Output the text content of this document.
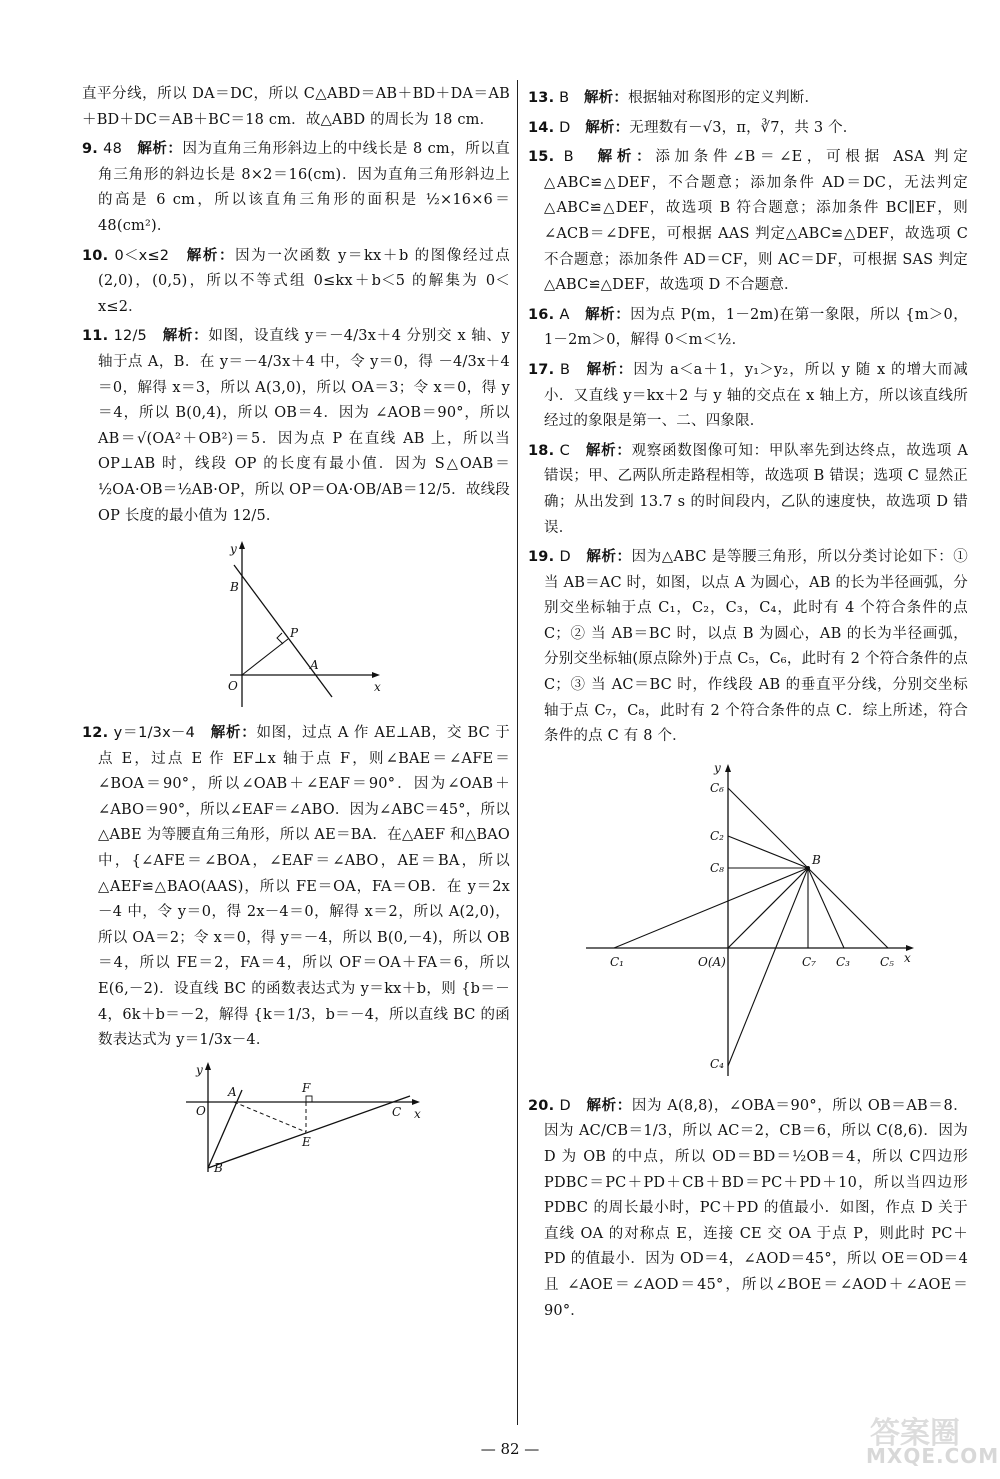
直平分线，所以 DA＝DC，所以 C△ABD＝AB＋BD＋DA＝AB＋BD＋DC＝AB＋BC＝18 cm．故△ABD 的周长为 18 cm．

9. 48　 解析：因为直角三角形斜边上的中线长是 8 cm，所以直角三角形的斜边长是 8×2＝16(cm)．因为直角三角形斜边上的高是 6 cm，所以该直角三角形的面积是 ½×16×6＝48(cm²)．

10. 0＜x≤2　 解析：因为一次函数 y＝kx＋b 的图像经过点(2,0)，(0,5)，所以不等式组 0≤kx＋b＜5 的解集为 0＜x≤2．

11. 12/5　 解析：如图，设直线 y＝－4/3x＋4 分别交 x 轴、y 轴于点 A，B．在 y＝－4/3x＋4 中，令 y＝0，得 －4/3x＋4＝0，解得 x＝3，所以 A(3,0)，所以 OA＝3；令 x＝0，得 y＝4，所以 B(0,4)，所以 OB＝4．因为 ∠AOB＝90°，所以 AB＝√(OA²＋OB²)＝5．因为点 P 在直线 AB 上，所以当 OP⊥AB 时，线段 OP 的长度有最小值．因为 S△OAB＝½OA·OB＝½AB·OP，所以 OP＝OA·OB/AB＝12/5．故线段 OP 长度的最小值为 12/5．

y
x
O
A
B
P

12. y＝1/3x－4　 解析：如图，过点 A 作 AE⊥AB，交 BC 于点 E，过点 E 作 EF⊥x 轴于点 F，则∠BAE＝∠AFE＝∠BOA＝90°，所以∠OAB＋∠EAF＝90°．因为∠OAB＋∠ABO＝90°，所以∠EAF＝∠ABO．因为∠ABC＝45°，所以△ABE 为等腰直角三角形，所以 AE＝BA．在△AEF 和△BAO 中，{∠AFE＝∠BOA，∠EAF＝∠ABO，AE＝BA，所以△AEF≌△BAO(AAS)，所以 FE＝OA，FA＝OB．在 y＝2x－4 中，令 y＝0，得 2x－4＝0，解得 x＝2，所以 A(2,0)，所以 OA＝2；令 x＝0，得 y＝－4，所以 B(0,－4)，所以 OB＝4，所以 FE＝2，FA＝4，所以 OF＝OA＋FA＝6，所以 E(6,－2)．设直线 BC 的函数表达式为 y＝kx＋b，则 {b＝－4，6k＋b＝－2，解得 {k＝1/3，b＝－4，所以直线 BC 的函数表达式为 y＝1/3x－4．

y
x
O
A	F
C
E
B

13. B　 解析：根据轴对称图形的定义判断．

14. D　 解析：无理数有－√3，π，∛7，共 3 个．

15. B　 解析：添加条件∠B＝∠E，可根据 ASA 判定△ABC≌△DEF，不合题意；添加条件 AD＝DC，无法判定△ABC≌△DEF，故选项 B 符合题意；添加条件 BC∥EF，则∠ACB＝∠DFE，可根据 AAS 判定△ABC≌△DEF，故选项 C 不合题意；添加条件 AD＝CF，则 AC＝DF，可根据 SAS 判定△ABC≌△DEF，故选项 D 不合题意．

16. A　 解析：因为点 P(m，1－2m)在第一象限，所以 {m＞0，1－2m＞0，解得 0＜m＜½．

17. B　 解析：因为 a＜a＋1，y₁＞y₂，所以 y 随 x 的增大而减小．又直线 y＝kx＋2 与 y 轴的交点在 x 轴上方，所以该直线所经过的象限是第一、二、四象限．

18. C　 解析：观察函数图像可知：甲队率先到达终点，故选项 A 错误；甲、乙两队所走路程相等，故选项 B 错误；选项 C 显然正确；从出发到 13.7 s 的时间段内，乙队的速度快，故选项 D 错误．

19. D　 解析：因为△ABC 是等腰三角形，所以分类讨论如下：① 当 AB＝AC 时，如图，以点 A 为圆心，AB 的长为半径画弧，分别交坐标轴于点 C₁，C₂，C₃，C₄，此时有 4 个符合条件的点 C；② 当 AB＝BC 时，以点 B 为圆心，AB 的长为半径画弧，分别交坐标轴(原点除外)于点 C₅，C₆，此时有 2 个符合条件的点 C；③ 当 AC＝BC 时，作线段 AB 的垂直平分线，分别交坐标轴于点 C₇，C₈，此时有 2 个符合条件的点 C．综上所述，符合条件的点 C 有 8 个．

y
x
O(A)
B
C₁
C₂
C₃
C₄
C₅
C₆
C₇
C₈

20. D　 解析：因为 A(8,8)，∠OBA＝90°，所以 OB＝AB＝8．因为 AC/CB＝1/3，所以 AC＝2，CB＝6，所以 C(8,6)．因为 D 为 OB 的中点，所以 OD＝BD＝½OB＝4，所以 C四边形PDBC＝PC＋PD＋CB＋BD＝PC＋PD＋10，所以当四边形 PDBC 的周长最小时，PC＋PD 的值最小．如图，作点 D 关于直线 OA 的对称点 E，连接 CE 交 OA 于点 P，则此时 PC＋PD 的值最小．因为 OD＝4，∠AOD＝45°，所以 OE＝OD＝4 且 ∠AOE＝∠AOD＝45°，所以∠BOE＝∠AOD＋∠AOE＝90°．

— 82 —	答案圈
MXQE.COM
